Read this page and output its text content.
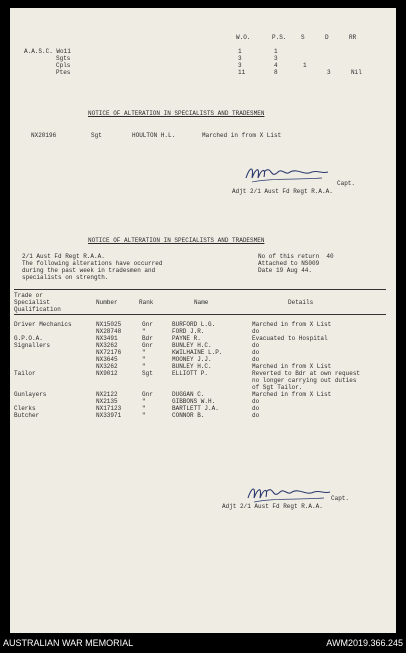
W.O.	P.S. S	D	RR
A.A.S.C. Wo11	1	1
Sgts	3	3
Cpls	3	4	1
Ptes	11	8	3	Nil
NOTICE OF ALTERATION IN SPECIALISTS AND TRADESMEN
NX20196	Sgt	HOULTON H.L.	Marched in from X List
Capt.
Adjt 2/1 Aust Fd Regt R.A.A.
NOTICE OF ALTERATION IN SPECIALISTS AND TRADESMEN
2/1 Aust Fd Regt R.A.A.
The following alterations have occurred
during the past week in tradesmen and
specialists on strength.
No of this return  40
Attached to NS009
Date 19 Aug 44.
Trade or
Specialist	Number	Rank	Name	Details
Qualification
Driver Mechanics	NX15025	Gnr	BURFORD L.G.	Marched in from X List
NX28748	"	FORD J.R.	do
G.P.O.A.	NX3491	Bdr	PAYNE R.	Evacuated to Hospital
Signallers	NX3262	Gnr	BUNLEY H.C.	do
NX72176	"	KWILHAINE L.P.	do
NX3645	"	MOONEY J.J.	do
NX3262	"	BUNLEY H.C.	Marched in from X List
Tailor	NX9012	Sgt	ELLIOTT P.	Reverted to Bdr at own request
no longer carrying out duties
of Sgt Tailor.
Gunlayers	NX2122	Gnr	DUGGAN C.	Marched in from X List
NX2135	"	GIBBONS W.H.	do
Clerks	NX17123	"	BARTLETT J.A.	do
Butcher	NX33971	"	CONNOR B.	do
Capt.
Adjt 2/1 Aust Fd Regt R.A.A.
AUSTRALIAN WAR MEMORIAL	AWM2019.366.245
